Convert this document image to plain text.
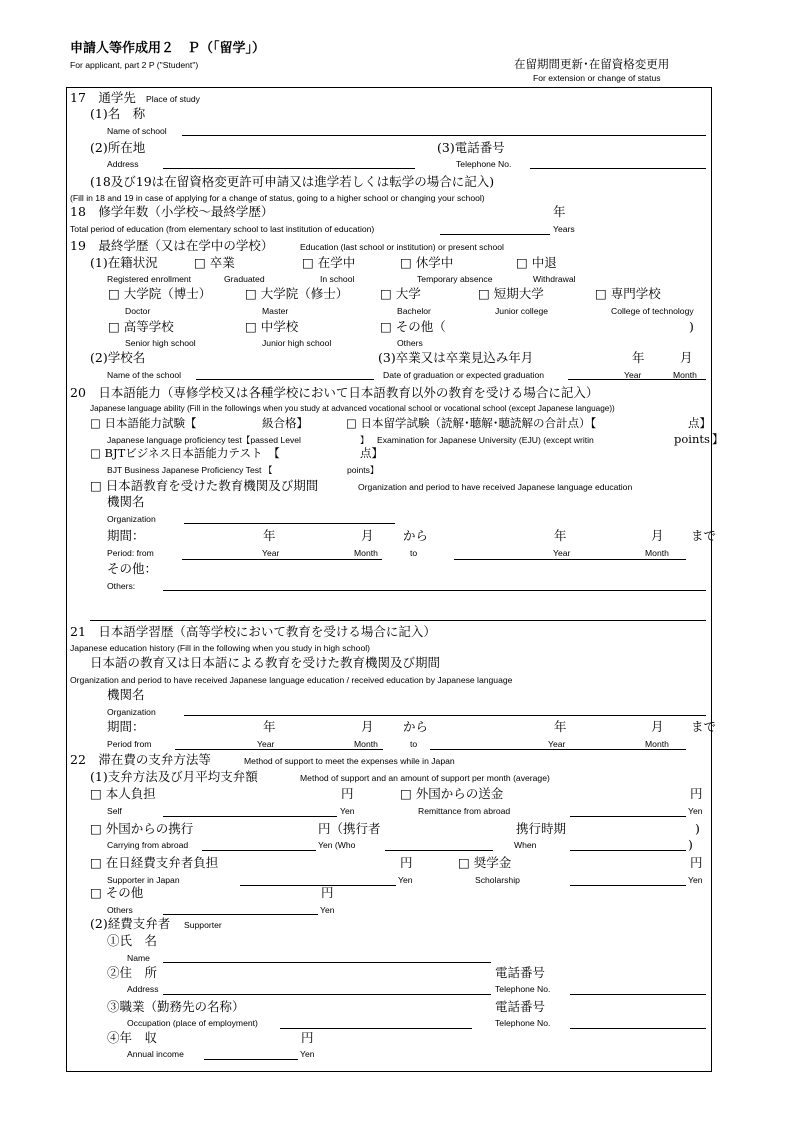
申請人等作成用２　Ｐ（「留学」）
For applicant, part 2 P ("Student")	在留期間更新･在留資格変更用
For extension or change of status
17　通学先 Place of study
(1)名　称
Name of school
(2)所在地
Address
(3)電話番号
Telephone No.
(18及び19は在留資格変更許可申請又は進学若しくは転学の場合に記入)
(Fill in 18 and 19 in case of applying for a change of status, going to a higher school or changing your school)
18　修学年数（小学校～最終学歴）	年
Total period of education (from elementary school to last institution of education)	Years
19　最終学歴（又は在学中の学校）	Education (last school or institution) or present school
(1)在籍状況	□ 卒業	□ 在学中	□ 休学中	□ 中退
Registered enrollment	Graduated	In school	Temporary absence	Withdrawal
□ 大学院（博士）	□ 大学院（修士）	□ 大学	□ 短期大学	□ 専門学校
Doctor	Master	Bachelor	Junior college	College of technology
□ 高等学校	□ 中学校	□ その他（	)
Senior high school	Junior high school	Others
(2)学校名	(3)卒業又は卒業見込み年月	年	月
Name of the school	Date of graduation or expected graduation	Year	Month
20　日本語能力（専修学校又は各種学校において日本語教育以外の教育を受ける場合に記入）
Japanese language ability (Fill in the followings when you study at advanced vocational school or vocational school (except Japanese language))
□ 日本語能力試験【	級合格】	□ 日本留学試験（読解･聴解･聴読解の合計点）【	点】
Japanese language proficiency test【passed Level	】 Examination for Japanese University (EJU) (except writin	points 】
□ BJTビジネス日本語能力テスト　【	点】
BJT Business Japanese Proficiency Test 【	points】
□ 日本語教育を受けた教育機関及び期間	Organization and period to have received Japanese language education
機関名
Organization
期間：	年	月 から	年	月 まで
Period: from	Year	Month	to	Year	Month
その他：
Others:
21　日本語学習歴（高等学校において教育を受ける場合に記入）
Japanese education history (Fill in the following when you study in high school)
日本語の教育又は日本語による教育を受けた教育機関及び期間
Organization and period to have received Japanese language education / received education by Japanese language
機関名
Organization
期間：	年	月 から	年	月 まで
Period from	Year	Month	to	Year	Month
22　滞在費の支弁方法等	Method of support to meet the expenses while in Japan
(1)支弁方法及び月平均支弁額	Method of support and an amount of support per month (average)
□ 本人負担	円	□ 外国からの送金	円
Self	Yen	Remittance from abroad	Yen
□ 外国からの携行	円（携行者	携行時期	)
Carrying from abroad	Yen (Who	When	)
□ 在日経費支弁者負担	円	□ 奨学金	円
Supporter in Japan	Yen	Scholarship	Yen
□ その他	円
Others	Yen
(2)経費支弁者 Supporter
①氏　名
Name
②住　所	電話番号
Address	Telephone No.
③職業（勤務先の名称）	電話番号
Occupation (place of employment)	Telephone No.
④年　収	円
Annual income	Yen
